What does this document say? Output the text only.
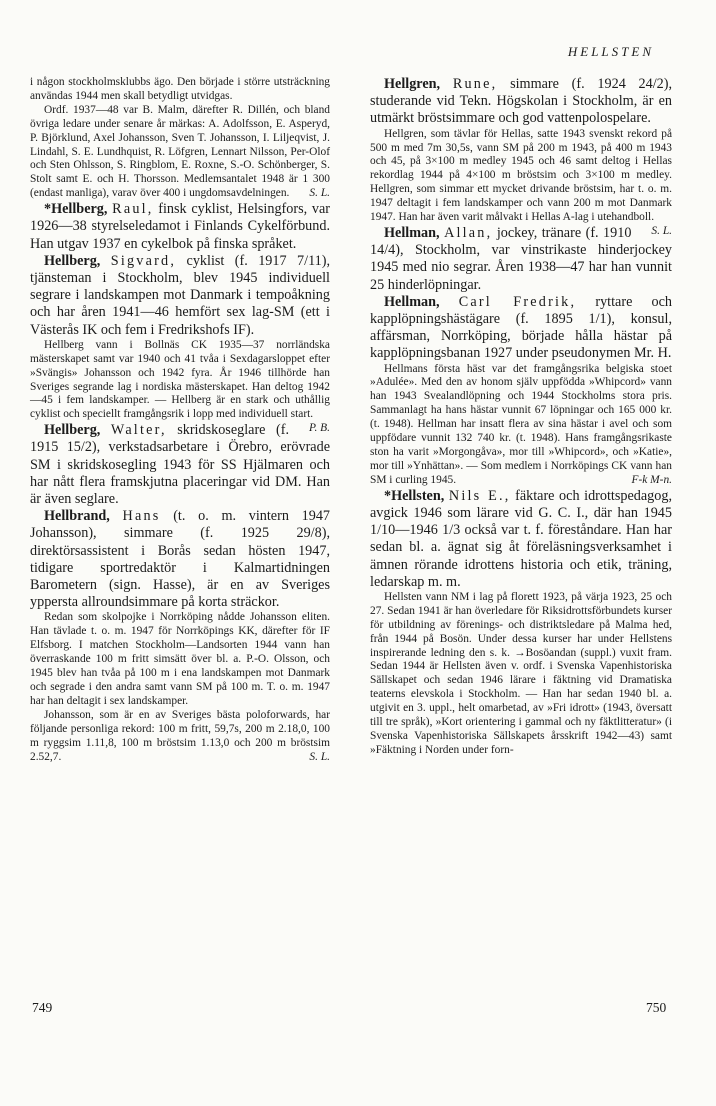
HELLSTEN

i någon stockholmsklubbs ägo. Den började i större utsträckning användas 1944 men skall betydligt utvidgas.

Ordf. 1937—48 var B. Malm, därefter R. Dillén, och bland övriga ledare under senare år märkas: A. Adolfsson, E. Asperyd, P. Björklund, Axel Johansson, Sven T. Johansson, I. Liljeqvist, J. Lindahl, S. E. Lundhquist, R. Löfgren, Lennart Nilsson, Per-Olof och Sten Ohlsson, S. Ringblom, E. Roxne, S.-O. Schönberger, S. Stolt samt E. och H. Thorsson. Medlemsantalet 1948 är 1 300 (endast manliga), varav över 400 i ungdomsavdelningen.	S. L.

*Hellberg, Raul, finsk cyklist, Helsingfors, var 1926—38 styrelseledamot i Finlands Cykelförbund. Han utgav 1937 en cykelbok på finska språket.

Hellberg, Sigvard, cyklist (f. 1917 7/11), tjänsteman i Stockholm, blev 1945 individuell segrare i landskampen mot Danmark i tempoåkning och har åren 1941—46 hemfört sex lag-SM (ett i Västerås IK och fem i Fredrikshofs IF).

Hellberg vann i Bollnäs CK 1935—37 norrländska mästerskapet samt var 1940 och 41 tvåa i Sexdagarsloppet efter »Svängis» Johansson och 1942 fyra. År 1946 tillhörde han Sveriges segrande lag i nordiska mästerskapet. Han deltog 1942—45 i fem landskamper. — Hellberg är en stark och uthållig cyklist och speciellt framgångsrik i lopp med individuell start.
P. B.

Hellberg, Walter, skridskoseglare (f. 1915 15/2), verkstadsarbetare i Örebro, erövrade SM i skridskosegling 1943 för SS Hjälmaren och har nått flera framskjutna placeringar vid DM. Han är även seglare.

Hellbrand, Hans (t. o. m. vintern 1947 Johansson), simmare (f. 1925 29/8), direktörsassistent i Borås sedan hösten 1947, tidigare sportredaktör i Kalmartidningen Barometern (sign. Hasse), är en av Sveriges yppersta allroundsimmare på korta sträckor.

Redan som skolpojke i Norrköping nådde Johansson eliten. Han tävlade t. o. m. 1947 för Norrköpings KK, därefter för IF Elfsborg. I matchen Stockholm—Landsorten 1944 vann han överraskande 100 m fritt simsätt över bl. a. P.-O. Olsson, och 1945 blev han tvåa på 100 m i ena landskampen mot Danmark och segrade i den andra samt vann SM på 100 m. T. o. m. 1947 har han deltagit i sex landskamper.

Johansson, som är en av Sveriges bästa poloforwards, har följande personliga rekord: 100 m fritt, 59,7s, 200 m 2.18,0, 100 m ryggsim 1.11,8, 100 m bröstsim 1.13,0 och 200 m bröstsim 2.52,7.	S. L.

Hellgren, Rune, simmare (f. 1924 24/2), studerande vid Tekn. Högskolan i Stockholm, är en utmärkt bröstsimmare och god vattenpolospelare.

Hellgren, som tävlar för Hellas, satte 1943 svenskt rekord på 500 m med 7m 30,5s, vann SM på 200 m 1943, på 400 m 1943 och 45, på 3×100 m medley 1945 och 46 samt deltog i Hellas rekordlag 1944 på 4×100 m bröstsim och 3×100 m medley. Hellgren, som simmar ett mycket drivande bröstsim, har t. o. m. 1947 deltagit i fem landskamper och vann 200 m mot Danmark 1947. Han har även varit målvakt i Hellas A-lag i utehandboll.
S. L.

Hellman, Allan, jockey, tränare (f. 1910 14/4), Stockholm, var vinstrikaste hinderjockey 1945 med nio segrar. Åren 1938—47 har han vunnit 25 hinderlöpningar.

Hellman, Carl Fredrik, ryttare och kapplöpningshästägare (f. 1895 1/1), konsul, affärsman, Norrköping, började hålla hästar på kapplöpningsbanan 1927 under pseudonymen Mr. H.

Hellmans första häst var det framgångsrika belgiska stoet »Adulée». Med den av honom själv uppfödda »Whipcord» vann han 1943 Svealandlöpning och 1944 Stockholms stora pris. Sammanlagt ha hans hästar vunnit 67 löpningar och 165 000 kr. (t. 1948). Hellman har insatt flera av sina hästar i avel och som uppfödare vunnit 132 740 kr. (t. 1948). Hans framgångsrikaste ston ha varit »Morgongåva», mor till »Whipcord», och »Katie», mor till »Ynhättan». — Som medlem i Norrköpings CK vann han SM i curling 1945.	F-k M-n.

*Hellsten, Nils E., fäktare och idrottspedagog, avgick 1946 som lärare vid G. C. I., där han 1945 1/10—1946 1/3 också var t. f. föreståndare. Han har sedan bl. a. ägnat sig åt föreläsningsverksamhet i ämnen rörande idrottens historia och etik, träning, ledarskap m. m.

Hellsten vann NM i lag på florett 1923, på värja 1923, 25 och 27. Sedan 1941 är han överledare för Riksidrottsförbundets kurser för utbildning av förenings- och distriktsledare på Malma hed, från 1944 på Bosön. Under dessa kurser har under Hellstens inspirerande ledning den s. k. →Bosöandan (suppl.) vuxit fram. Sedan 1944 är Hellsten även v. ordf. i Svenska Vapenhistoriska Sällskapet och sedan 1946 lärare i fäktning vid Dramatiska teaterns elevskola i Stockholm. — Han har sedan 1940 bl. a. utgivit en 3. uppl., helt omarbetad, av »Fri idrott» (1943, översatt till tre språk), »Kort orientering i gammal och ny fäktlitteratur» (i Svenska Vapenhistoriska Sällskapets årsskrift 1942—43) samt »Fäktning i Norden under forn-

749	750
